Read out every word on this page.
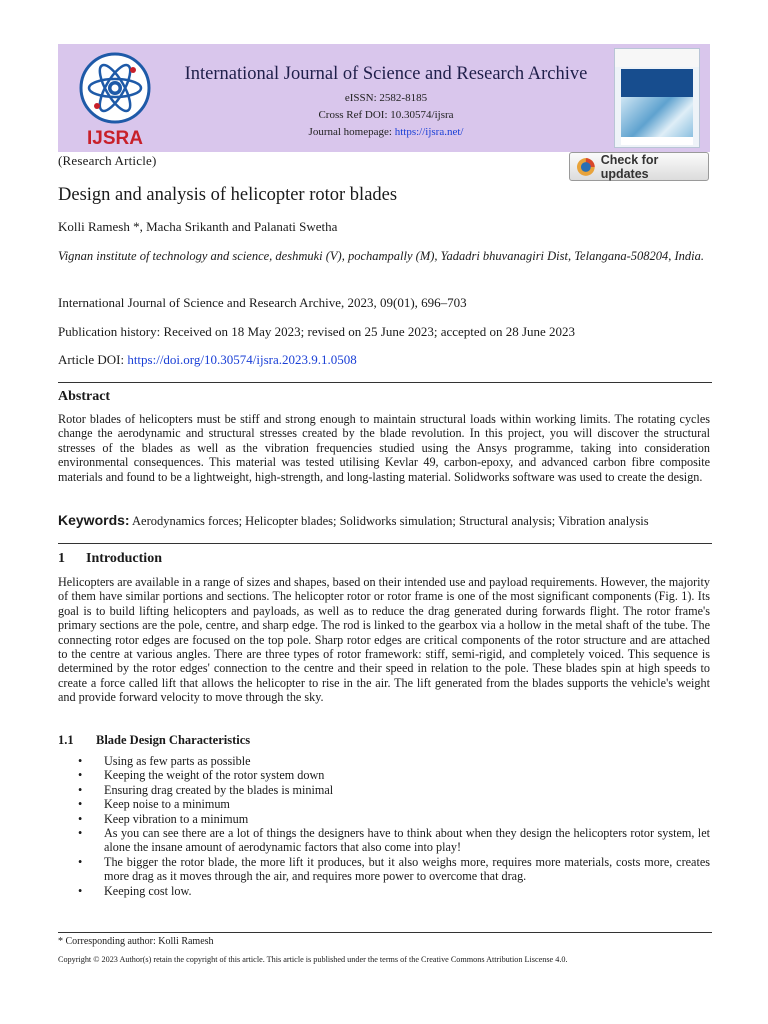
IJSRA
International Journal of Science and Research Archive
eISSN: 2582-8185
Cross Ref DOI: 10.30574/ijsra
Journal homepage: https://ijsra.net/
(Research Article)	Check for updates
Design and analysis of helicopter rotor blades
Kolli Ramesh *, Macha Srikanth and Palanati Swetha
Vignan institute of technology and science, deshmuki (V), pochampally (M), Yadadri bhuvanagiri Dist, Telangana-508204, India.
International Journal of Science and Research Archive, 2023, 09(01), 696–703
Publication history: Received on 18 May 2023; revised on 25 June 2023; accepted on 28 June 2023
Article DOI: https://doi.org/10.30574/ijsra.2023.9.1.0508
Abstract
Rotor blades of helicopters must be stiff and strong enough to maintain structural loads within working limits. The rotating cycles change the aerodynamic and structural stresses created by the blade revolution. In this project, you will discover the structural stresses of the blades as well as the vibration frequencies studied using the Ansys programme, taking into consideration environmental consequences. This material was tested utilising Kevlar 49, carbon-epoxy, and advanced carbon fibre composite materials and found to be a lightweight, high-strength, and long-lasting material. Solidworks software was used to create the design.
Keywords: Aerodynamics forces; Helicopter blades; Solidworks simulation; Structural analysis; Vibration analysis
1 Introduction
Helicopters are available in a range of sizes and shapes, based on their intended use and payload requirements. However, the majority of them have similar portions and sections. The helicopter rotor or rotor frame is one of the most significant components (Fig. 1). Its goal is to build lifting helicopters and payloads, as well as to reduce the drag generated during forwards flight. The rotor frame's primary sections are the pole, centre, and sharp edge. The rod is linked to the gearbox via a hollow in the metal shaft of the tube. The connecting rotor edges are focused on the top pole. Sharp rotor edges are critical components of the rotor structure and are attached to the centre at various angles. There are three types of rotor framework: stiff, semi-rigid, and completely voiced. This sequence is determined by the rotor edges' connection to the centre and their speed in relation to the pole. These blades spin at high speeds to create a force called lift that allows the helicopter to rise in the air. The lift generated from the blades supports the vehicle's weight and provide forward velocity to move through the sky.
1.1 Blade Design Characteristics
• Using as few parts as possible
• Keeping the weight of the rotor system down
• Ensuring drag created by the blades is minimal
• Keep noise to a minimum
• Keep vibration to a minimum
• As you can see there are a lot of things the designers have to think about when they design the helicopters rotor system, let alone the insane amount of aerodynamic factors that also come into play!
• The bigger the rotor blade, the more lift it produces, but it also weighs more, requires more materials, costs more, creates more drag as it moves through the air, and requires more power to overcome that drag.
• Keeping cost low.
* Corresponding author: Kolli Ramesh
Copyright © 2023 Author(s) retain the copyright of this article. This article is published under the terms of the Creative Commons Attribution Liscense 4.0.
